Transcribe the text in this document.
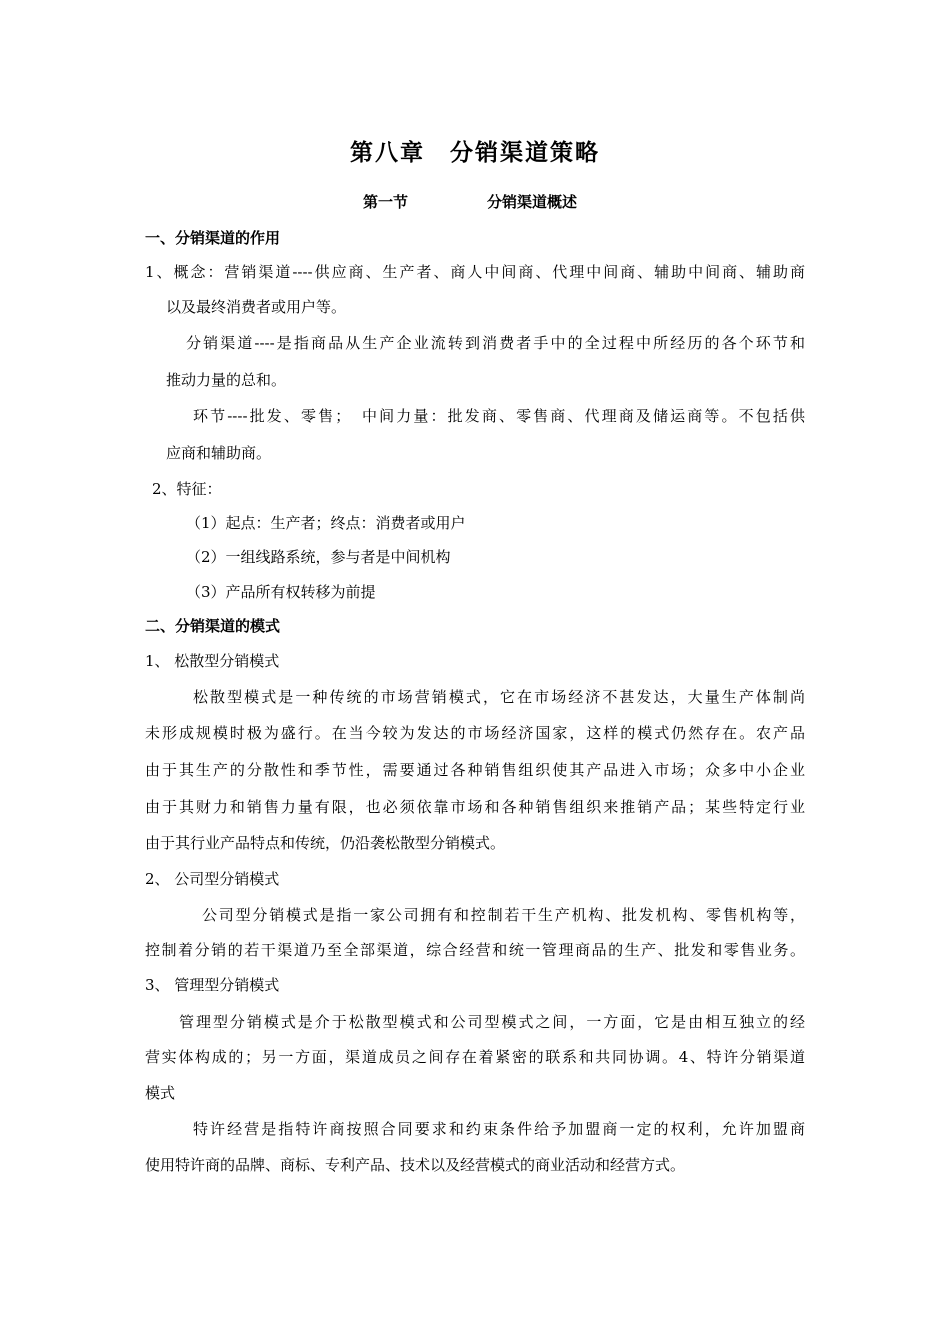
第八章　分销渠道策略
第一节	分销渠道概述
一、分销渠道的作用
1、概念：营销渠道----供应商、生产者、商人中间商、代理中间商、辅助中间商、辅助商
以及最终消费者或用户等。
分销渠道----是指商品从生产企业流转到消费者手中的全过程中所经历的各个环节和
推动力量的总和。
环节----批发、零售；　中间力量：批发商、零售商、代理商及储运商等。不包括供
应商和辅助商。
2、特征：
（1）起点：生产者；终点：消费者或用户
（2）一组线路系统，参与者是中间机构
（3）产品所有权转移为前提
二、分销渠道的模式
1、 松散型分销模式
松散型模式是一种传统的市场营销模式，它在市场经济不甚发达，大量生产体制尚
未形成规模时极为盛行。在当今较为发达的市场经济国家，这样的模式仍然存在。农产品
由于其生产的分散性和季节性，需要通过各种销售组织使其产品进入市场；众多中小企业
由于其财力和销售力量有限，也必须依靠市场和各种销售组织来推销产品；某些特定行业
由于其行业产品特点和传统，仍沿袭松散型分销模式。
2、 公司型分销模式
公司型分销模式是指一家公司拥有和控制若干生产机构、批发机构、零售机构等，
控制着分销的若干渠道乃至全部渠道，综合经营和统一管理商品的生产、批发和零售业务。
3、 管理型分销模式
管理型分销模式是介于松散型模式和公司型模式之间，一方面，它是由相互独立的经
营实体构成的；另一方面，渠道成员之间存在着紧密的联系和共同协调。4、特许分销渠道
模式
特许经营是指特许商按照合同要求和约束条件给予加盟商一定的权利，允许加盟商
使用特许商的品牌、商标、专利产品、技术以及经营模式的商业活动和经营方式。
